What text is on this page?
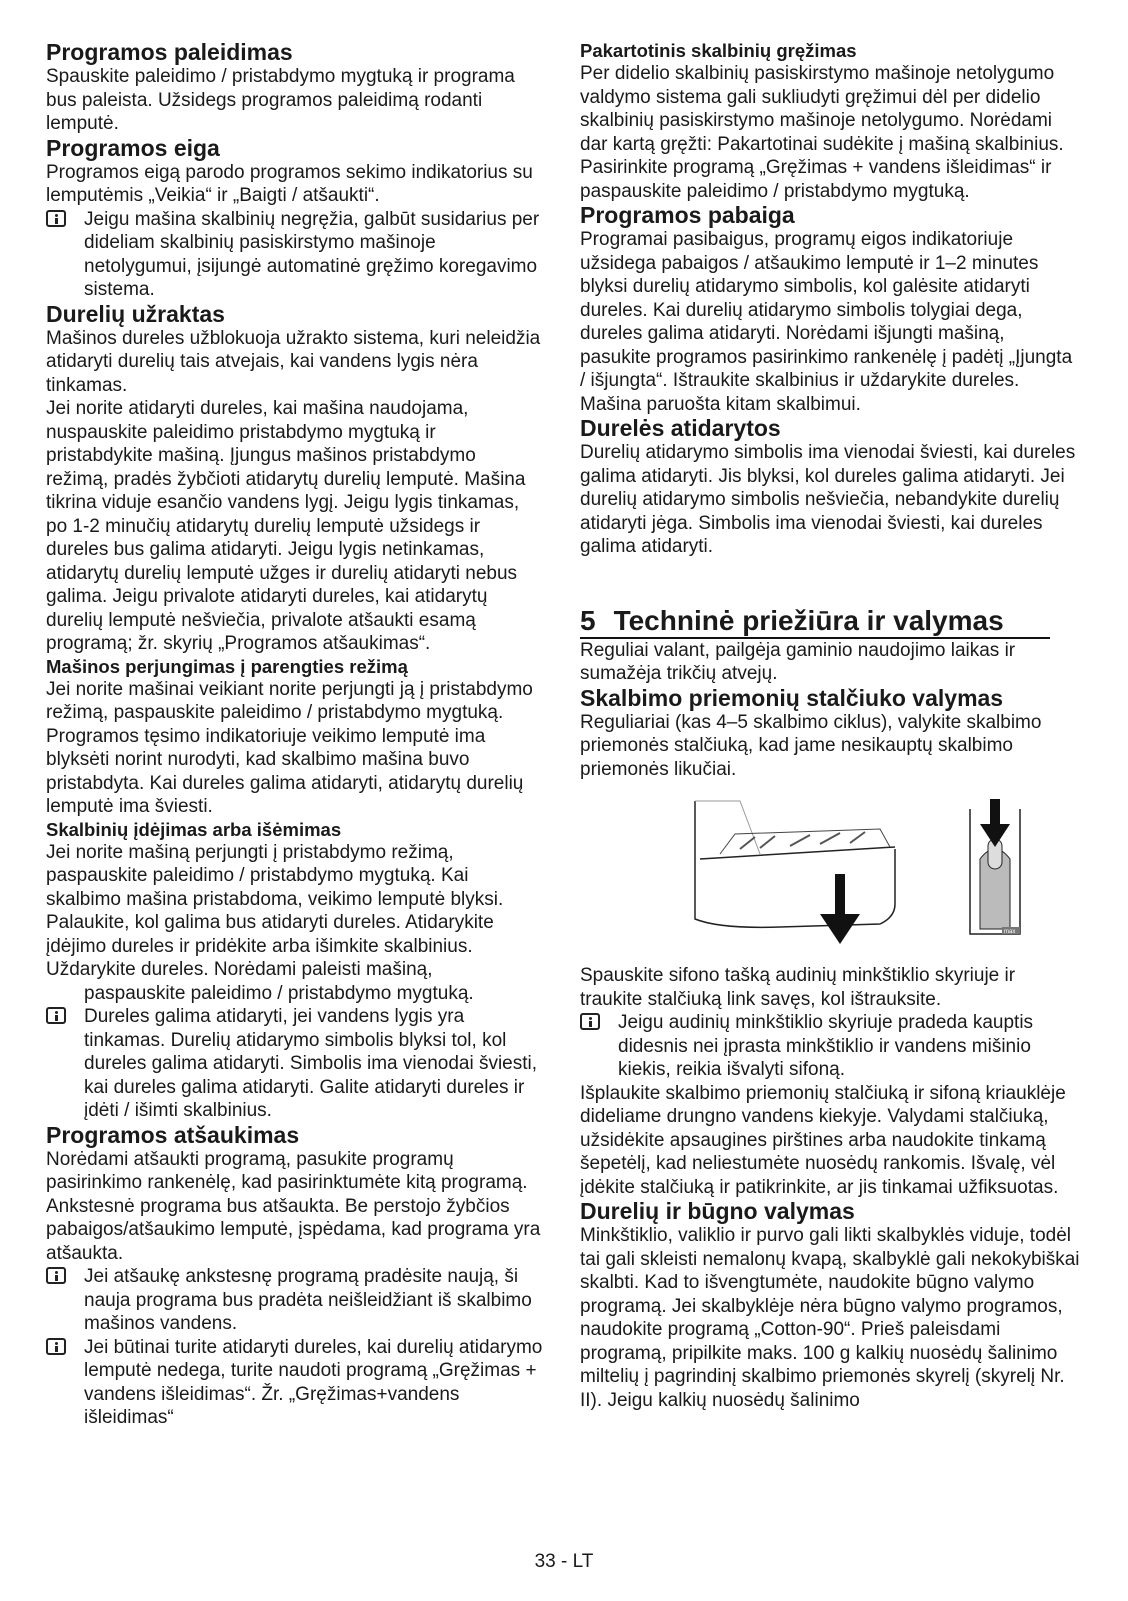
Programos paleidimas

Spauskite paleidimo / pristabdymo mygtuką ir programa bus paleista. Užsidegs programos paleidimą rodanti lemputė.

Programos eiga

Programos eigą parodo programos sekimo indikatorius su lemputėmis „Veikia“ ir „Baigti / atšaukti“.

Jeigu mašina skalbinių negręžia, galbūt susidarius per dideliam skalbinių pasiskirstymo mašinoje netolygumui, įsijungė automatinė gręžimo koregavimo sistema.
Durelių užraktas

Mašinos dureles užblokuoja užrakto sistema, kuri neleidžia atidaryti durelių tais atvejais, kai vandens lygis nėra tinkamas.

Jei norite atidaryti dureles, kai mašina naudojama, nuspauskite paleidimo pristabdymo mygtuką ir pristabdykite mašiną. Įjungus mašinos pristabdymo režimą, pradės žybčioti atidarytų durelių lemputė. Mašina tikrina viduje esančio vandens lygį. Jeigu lygis tinkamas, po 1-2 minučių atidarytų durelių lemputė užsidegs ir dureles bus galima atidaryti. Jeigu lygis netinkamas, atidarytų durelių lemputė užges ir durelių atidaryti nebus galima. Jeigu privalote atidaryti dureles, kai atidarytų durelių lemputė nešviečia, privalote atšaukti esamą programą; žr. skyrių „Programos atšaukimas“.

Mašinos perjungimas į parengties režimą

Jei norite mašinai veikiant norite perjungti ją į pristabdymo režimą, paspauskite paleidimo / pristabdymo mygtuką. Programos tęsimo indikatoriuje veikimo lemputė ima blyksėti norint nurodyti, kad skalbimo mašina buvo pristabdyta. Kai dureles galima atidaryti, atidarytų durelių lemputė ima šviesti.

Skalbinių įdėjimas arba išėmimas

Jei norite mašiną perjungti į pristabdymo režimą, paspauskite paleidimo / pristabdymo mygtuką. Kai skalbimo mašina pristabdoma, veikimo lemputė blyksi. Palaukite, kol galima bus atidaryti dureles. Atidarykite įdėjimo dureles ir pridėkite arba išimkite skalbinius.

Uždarykite dureles. Norėdami paleisti mašiną,

paspauskite paleidimo / pristabdymo mygtuką.

Dureles galima atidaryti, jei vandens lygis yra tinkamas. Durelių atidarymo simbolis blyksi tol, kol dureles galima atidaryti. Simbolis ima vienodai šviesti, kai dureles galima atidaryti. Galite atidaryti dureles ir įdėti / išimti skalbinius.
Programos atšaukimas

Norėdami atšaukti programą, pasukite programų pasirinkimo rankenėlę, kad pasirinktumėte kitą programą. Ankstesnė programa bus atšaukta. Be perstojo žybčios pabaigos/atšaukimo lemputė, įspėdama, kad programa yra atšaukta.

Jei atšaukę ankstesnę programą pradėsite naują, ši nauja programa bus pradėta neišleidžiant iš skalbimo mašinos vandens.
Jei būtinai turite atidaryti dureles, kai durelių atidarymo lemputė nedega, turite naudoti programą „Gręžimas + vandens išleidimas“. Žr. „Gręžimas+vandens išleidimas“
Pakartotinis skalbinių gręžimas

Per didelio skalbinių pasiskirstymo mašinoje netolygumo valdymo sistema gali sukliudyti gręžimui dėl per didelio skalbinių pasiskirstymo mašinoje netolygumo. Norėdami dar kartą gręžti: Pakartotinai sudėkite į mašiną skalbinius. Pasirinkite programą „Gręžimas + vandens išleidimas“ ir paspauskite paleidimo / pristabdymo mygtuką.

Programos pabaiga

Programai pasibaigus, programų eigos indikatoriuje užsidega pabaigos / atšaukimo lemputė ir 1–2 minutes blyksi durelių atidarymo simbolis, kol galėsite atidaryti dureles. Kai durelių atidarymo simbolis tolygiai dega, dureles galima atidaryti. Norėdami išjungti mašiną, pasukite programos pasirinkimo rankenėlę į padėtį „Įjungta / išjungta“. Ištraukite skalbinius ir uždarykite dureles. Mašina paruošta kitam skalbimui.

Durelės atidarytos

Durelių atidarymo simbolis ima vienodai šviesti, kai dureles galima atidaryti. Jis blyksi, kol dureles galima atidaryti. Jei durelių atidarymo simbolis nešviečia, nebandykite durelių atidaryti jėga. Simbolis ima vienodai šviesti, kai dureles galima atidaryti.

5 Techninė priežiūra ir valymas

Reguliai valant, pailgėja gaminio naudojimo laikas ir sumažėja trikčių atvejų.

Skalbimo priemonių stalčiuko valymas

Reguliariai (kas 4–5 skalbimo ciklus), valykite skalbimo priemonės stalčiuką, kad jame nesikauptų skalbimo priemonės likučiai.

max

Spauskite sifono tašką audinių minkštiklio skyriuje ir traukite stalčiuką link savęs, kol ištrauksite.

Jeigu audinių minkštiklio skyriuje pradeda kauptis didesnis nei įprasta minkštiklio ir vandens mišinio kiekis, reikia išvalyti sifoną.

Išplaukite skalbimo priemonių stalčiuką ir sifoną kriauklėje dideliame drungno vandens kiekyje. Valydami stalčiuką, užsidėkite apsaugines pirštines arba naudokite tinkamą šepetėlį, kad neliestumėte nuosėdų rankomis. Išvalę, vėl įdėkite stalčiuką ir patikrinkite, ar jis tinkamai užfiksuotas.

Durelių ir būgno valymas

Minkštiklio, valiklio ir purvo gali likti skalbyklės viduje, todėl tai gali skleisti nemalonų kvapą, skalbyklė gali nekokybiškai skalbti. Kad to išvengtumėte, naudokite būgno valymo programą. Jei skalbyklėje nėra būgno valymo programos, naudokite programą „Cotton-90“. Prieš paleisdami programą, pripilkite maks. 100 g kalkių nuosėdų šalinimo miltelių į pagrindinį skalbimo priemonės skyrelį (skyrelį Nr. II). Jeigu kalkių nuosėdų šalinimo

33 - LT
